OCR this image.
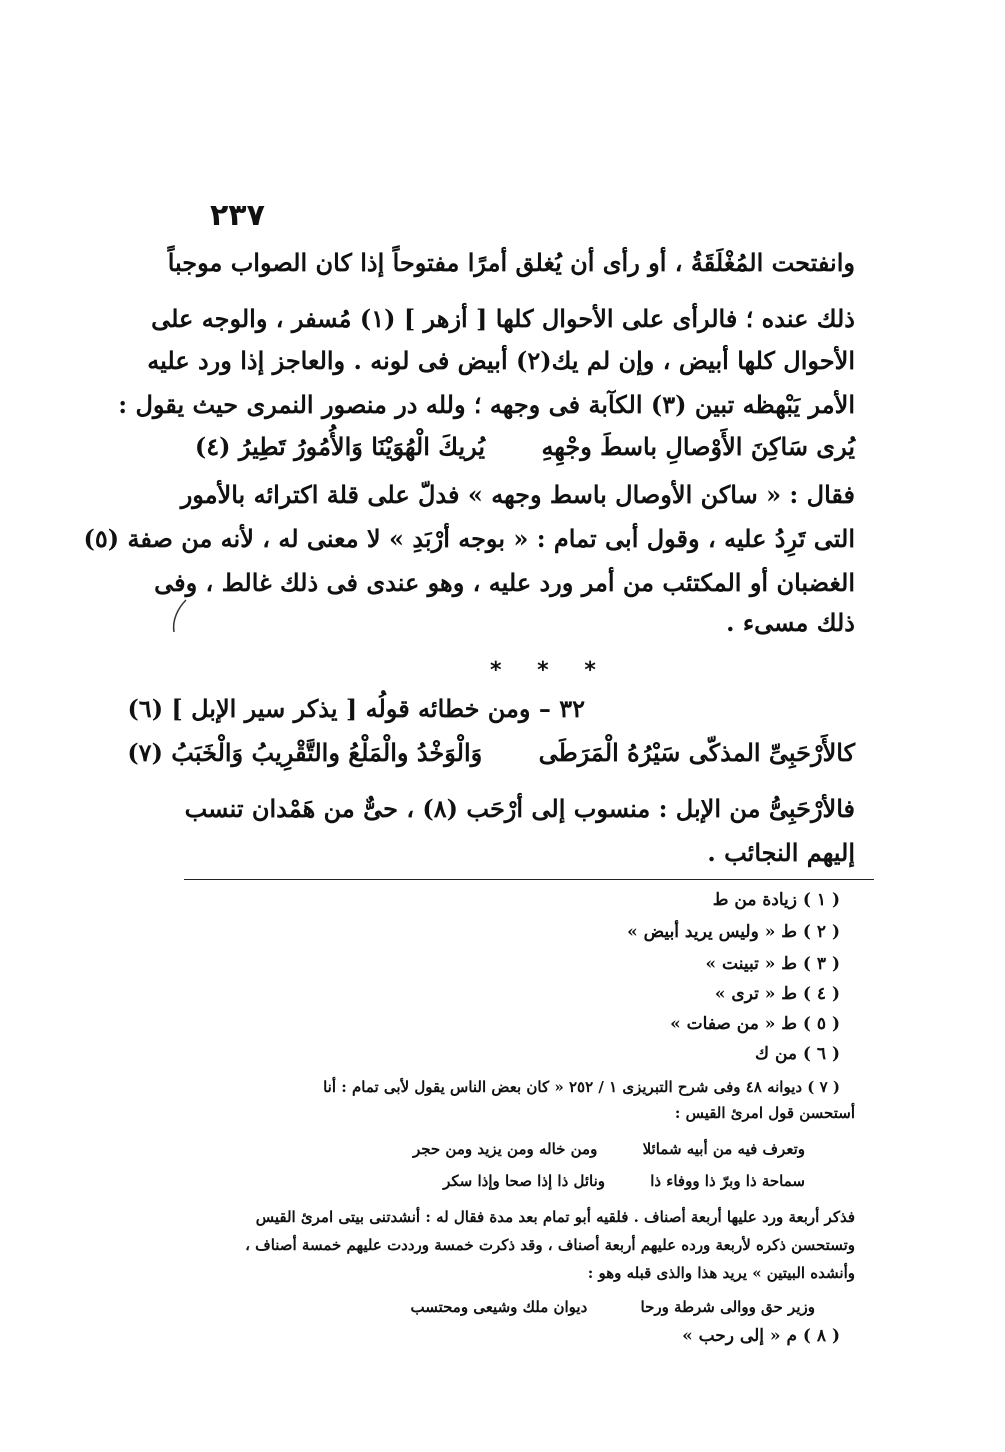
٢٣٧
وانفتحت المُغْلَقَةُ ، أو رأى أن يُغلق أمرًا مفتوحاً إذا كان الصواب موجباً
ذلك عنده ؛ فالرأى على الأحوال كلها [ أزهر ] (١) مُسفر ، والوجه على
الأحوال كلها أبيض ، وإن لم يك(٢) أبيض فى لونه . والعاجز إذا ورد عليه
الأمر يَبْهظه تبين (٣) الكآبة فى وجهه ؛ ولله در منصور النمرى حيث يقول :
يُرى سَاكِنَ الأَوْصالِ باسطَ وجْهِهِ يُريكَ الْهُوَيْنَا وَالأُمُورُ تَطِيرُ (٤)
فقال : « ساكن الأوصال باسط وجهه » فدلّ على قلة اكترائه بالأمور
التى تَرِدُ عليه ، وقول أبى تمام : « بوجه أرْبَدِ » لا معنى له ، لأنه من صفة (٥)
الغضبان أو المكتئب من أمر ورد عليه ، وهو عندى فى ذلك غالط ، وفى
ذلك مسىء .
* * *
٣٢ – ومن خطائه قولُه [ يذكر سير الإبل ] (٦)
كالأَرْحَبِىِّ المذكّى سَيْرُهُ الْمَرَطَى وَالْوَخْدُ والْمَلْعُ والتَّقْرِيبُ وَالْخَبَبُ (٧)
فالأرْحَبِىُّ من الإبل : منسوب إلى أرْحَب (٨) ، حىٌّ من هَمْدان تنسب
إليهم النجائب .
( ١ ) زيادة من ط
( ٢ ) ط « وليس يريد أبيض »
( ٣ ) ط « تبينت »
( ٤ ) ط « ترى »
( ٥ ) ط « من صفات »
( ٦ ) من ك
( ٧ ) ديوانه ٤٨ وفى شرح التبريزى ١ / ٢٥٢ « كان بعض الناس يقول لأبى تمام : أنا
أستحسن قول امرئ القيس :
وتعرف فيه من أبيه شمائلا ومن خاله ومن يزيد ومن حجر
سماحة ذا وبرّ ذا ووفاء ذا ونائل ذا إذا صحا وإذا سكر
فذكر أربعة ورد عليها أربعة أصناف . فلقيه أبو تمام بعد مدة فقال له : أنشدتنى بيتى امرئ القيس
وتستحسن ذكره لأربعة ورده عليهم أربعة أصناف ، وقد ذكرت خمسة ورددت عليهم خمسة أصناف ،
وأنشده البيتين » يريد هذا والذى قبله وهو :
وزير حق ووالى شرطة ورحا ديوان ملك وشيعى ومحتسب
( ٨ ) م « إلى رحب »
